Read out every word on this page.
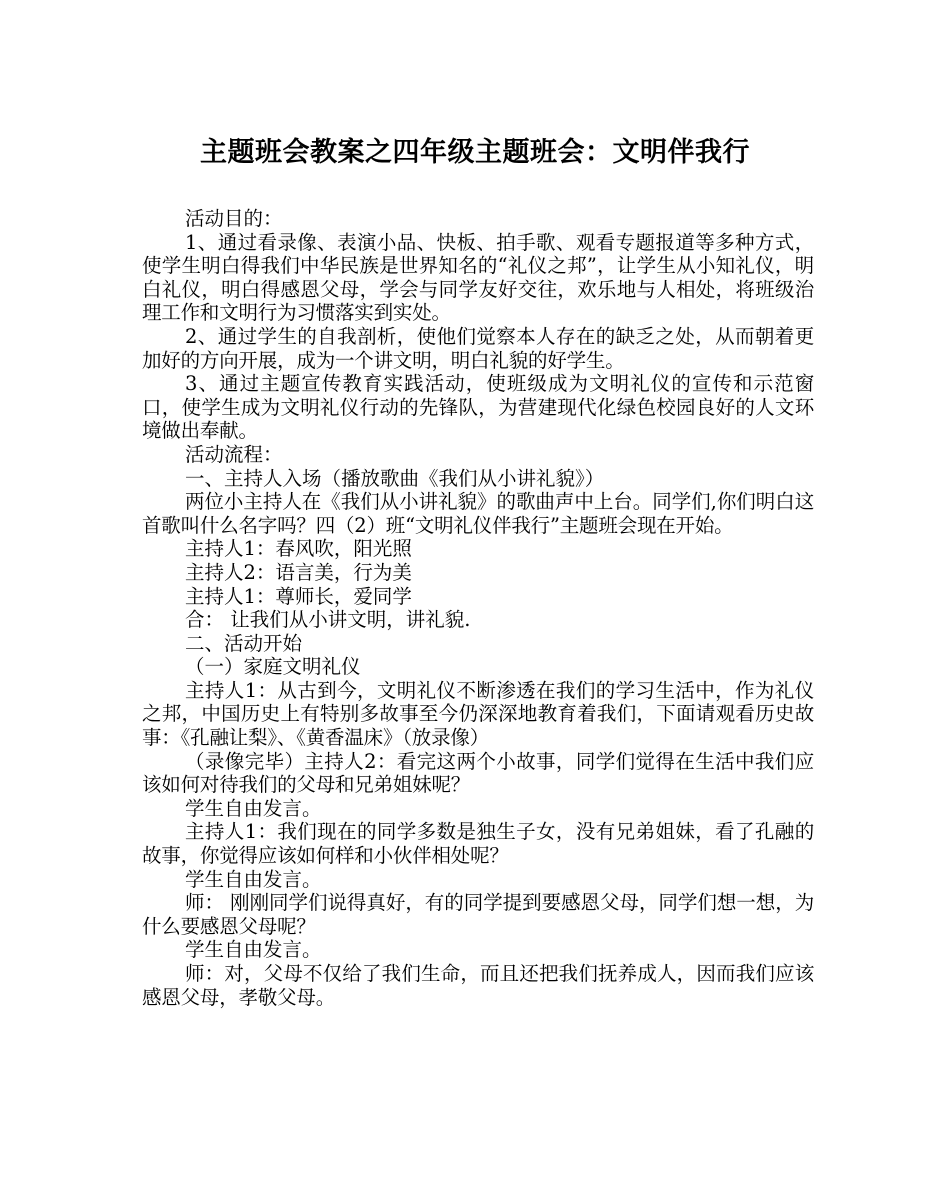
主题班会教案之四年级主题班会：文明伴我行

活动目的：

1、通过看录像、表演小品、快板、拍手歌、观看专题报道等多种方式，使学生明白得我们中华民族是世界知名的“礼仪之邦”，让学生从小知礼仪，明白礼仪，明白得感恩父母，学会与同学友好交往，欢乐地与人相处，将班级治理工作和文明行为习惯落实到实处。

2、通过学生的自我剖析，使他们觉察本人存在的缺乏之处，从而朝着更加好的方向开展，成为一个讲文明，明白礼貌的好学生。

3、通过主题宣传教育实践活动，使班级成为文明礼仪的宣传和示范窗口，使学生成为文明礼仪行动的先锋队，为营建现代化绿色校园良好的人文环境做出奉献。

活动流程：

一、主持人入场（播放歌曲《我们从小讲礼貌》）

两位小主持人在《我们从小讲礼貌》的歌曲声中上台。同学们,你们明白这首歌叫什么名字吗？四（2）班“文明礼仪伴我行”主题班会现在开始。

主持人1：春风吹，阳光照

主持人2：语言美，行为美

主持人1：尊师长，爱同学

合： 让我们从小讲文明，讲礼貌.

二、活动开始

（一）家庭文明礼仪

主持人1：从古到今，文明礼仪不断渗透在我们的学习生活中，作为礼仪之邦，中国历史上有特别多故事至今仍深深地教育着我们，下面请观看历史故事：《孔融让梨》、《黄香温床》（放录像）

（录像完毕）主持人2：看完这两个小故事，同学们觉得在生活中我们应该如何对待我们的父母和兄弟姐妹呢？

学生自由发言。

主持人1：我们现在的同学多数是独生子女，没有兄弟姐妹，看了孔融的故事，你觉得应该如何样和小伙伴相处呢？

学生自由发言。

师： 刚刚同学们说得真好，有的同学提到要感恩父母，同学们想一想，为什么要感恩父母呢？

学生自由发言。

师：对，父母不仅给了我们生命，而且还把我们抚养成人，因而我们应该感恩父母，孝敬父母。
